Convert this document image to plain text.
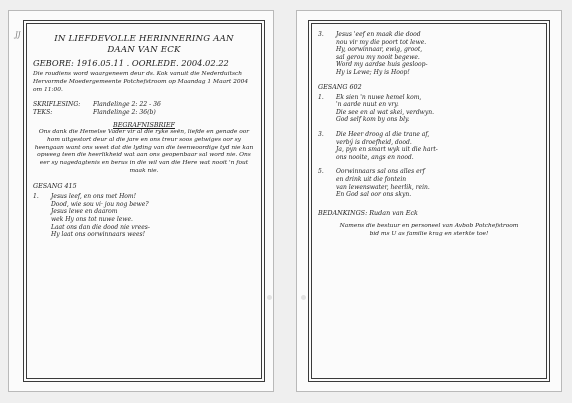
JJ	IN LIEFDEVOLLE HERINNERING AAN
DAAN VAN ECK
GEBORE: 1916.05.11 . OORLEDE. 2004.02.22
Die roudiens word waargeneem deur ds. Kok vanuit die Nederduitsch Hervormde Moedergemeente Potchefstroom op Maandag 1 Maart 2004 om 11:00.
SKRIFLESING:	Flandelinge 2: 22 - 36
TEKS:	Flandelinge 2: 36(b)
BEGRAFNISBRIEF
Ons dank die Hemelse Vader vir al die ryke seën, liefde en genade oor hom uitgestort deur al die jare en ons treur soos getwiges oor sy heengaan want ons weet dat die lyding van die teenwoordige tyd nie kan opweeg teen die heerlikheid wat aan ons geopenbaar sal word nie. Ons eer sy nagedagtenis en berus in die wil van die Here wat nooit 'n fout maak nie.
GESANG 415
1.	Jesus leef, en ons met Hom!
Dood, wie sou vi· jou nog bewe?
Jesus lewe en daarom
wek Hy ons tot nuwe lewe.
Laat ons dan die dood nie vrees-
Hy laat ons oorwinnaars wees!
3.	Jesus 'eef en maak die dood
nou vir my die poort tot lewe.
Hy, oorwinnaar, ewig, groot,
sal gerou my nooit begewe.
Word my aardse huis gesloop-
Hy is Lewe; Hy is Hoop!
GESANG 602
1.	Ek sien 'n nuwe hemel kom,
'n aarde nuut en vry.
Die see en al wat skei, verdwyn.
God self kom by ons bly.
3.	Die Heer droog al die trane af,
verbý is droefheid, dood.
Ja, pyn en smart wyk uit die hart-
ons nooite, angs en nood.
5.	Oorwinnaars sal ons alles erf
en drink uit die fontein
van lewenswater, heerlik, rein.
En God sal oor ons skyn.
BEDANKINGS: Rudan van Eck
Namens die bestuur en personeel van Avbob Potchefstroom
bid ms U as familie krag en sterkte toe!
